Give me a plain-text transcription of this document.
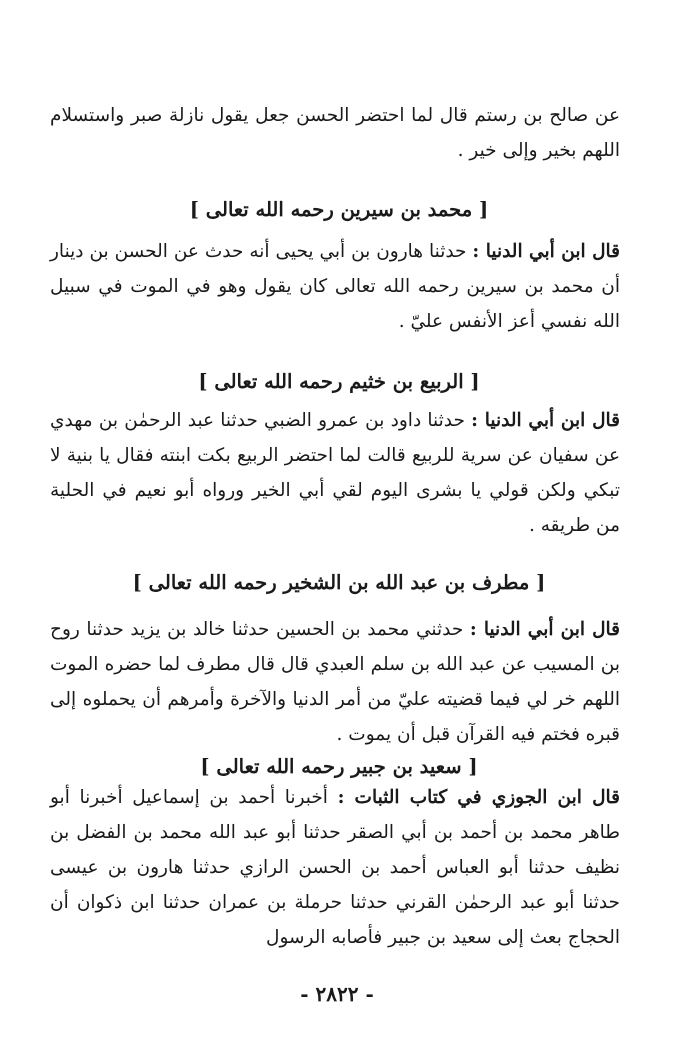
عن صالح بن رستم قال لما احتضر الحسن جعل يقول نازلة صبر واستسلام اللهم بخير وإلى خير .

[ محمد بن سيرين رحمه الله تعالى ]

قال ابن أبي الدنيا : حدثنا هارون بن أبي يحيى أنه حدث عن الحسن بن دينار أن محمد بن سيرين رحمه الله تعالى كان يقول وهو في الموت في سبيل الله نفسي أعز الأنفس عليّ .

[ الربيع بن خثيم رحمه الله تعالى ]

قال ابن أبي الدنيا : حدثنا داود بن عمرو الضبي حدثنا عبد الرحمٰن بن مهدي عن سفيان عن سرية للربيع قالت لما احتضر الربيع بكت ابنته فقال يا بنية لا تبكي ولكن قولي يا بشرى اليوم لقي أبي الخير ورواه أبو نعيم في الحلية من طريقه .

[ مطرف بن عبد الله بن الشخير رحمه الله تعالى ]

قال ابن أبي الدنيا : حدثني محمد بن الحسين حدثنا خالد بن يزيد حدثنا روح بن المسيب عن عبد الله بن سلم العبدي قال قال مطرف لما حضره الموت اللهم خر لي فيما قضيته عليّ من أمر الدنيا والآخرة وأمرهم أن يحملوه إلى قبره فختم فيه القرآن قبل أن يموت .

[ سعيد بن جبير رحمه الله تعالى ]

قال ابن الجوزي في كتاب الثبات : أخبرنا أحمد بن إسماعيل أخبرنا أبو طاهر محمد بن أحمد بن أبي الصقر حدثنا أبو عبد الله محمد بن الفضل بن نظيف حدثنا أبو العباس أحمد بن الحسن الرازي حدثنا هارون بن عيسى حدثنا أبو عبد الرحمٰن القرني حدثنا حرملة بن عمران حدثنا ابن ذكوان أن الحجاج بعث إلى سعيد بن جبير فأصابه الرسول

- ٢٨٢٢ -
